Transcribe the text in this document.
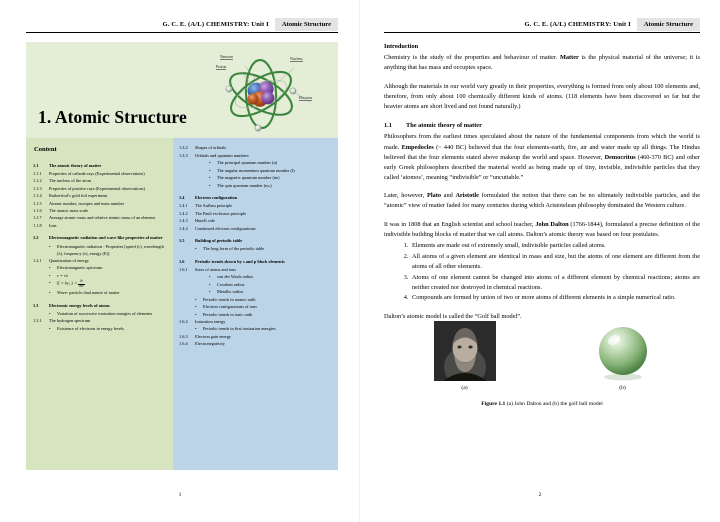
G. C. E. (A/L) CHEMISTRY: Unit I	Atomic Structure
1. Atomic Structure
Neutron
Proton
Nucleus
Electron
Content
1.1	The atomic theory of matter
1.1.1	Properties of cathode rays (Experimental observations)
1.1.2	The nucleus of the atom
1.1.3	Properties of positive rays (Experimental observations)
1.1.4	Rutherford’s gold foil experiment
1.1.5	Atomic number, isotopes and mass number
1.1.6	The atomic mass scale
1.1.7	Average atomic mass and relative atomic mass of an element
1.1.8	Ions
1.2	Electromagnetic radiation and wave-like properties of matter
•	Electromagnetic radiation - Properties [speed (c), wavelength (λ), frequency (ν), energy (E)]
1.2.1	Quantization of energy
•	Electromagnetic spectrum
•	c = νλ
•	E = hν; λ = h
mv
•	Wave- particle dual nature of matter
1.3	Electronic energy levels of atoms
•	Variation of successive ionization energies of elements
1.3.1	The hydrogen spectrum
•	Existence of electrons in energy levels
1.3.2	Shapes of orbitals
1.3.3	Orbitals and quantum numbers
•	The principal quantum number (n)
•	The angular momentum quantum number (l)
•	The magnetic quantum number (mₗ)
•	The spin quantum number (mₛ)
1.4	Electron configuration
1.4.1	The Aufbau principle
1.4.2	The Pauli exclusion principle
1.4.3	Hund's rule
1.4.4	Condensed electron configurations
1.5	Building of periodic table
•	The long form of the periodic table
1.6	Periodic trends shown by s and p block elements
1.6.1	Sizes of atoms and ions
•	van der Waals radius
•	Covalent radius
•	Metallic radius
•	Periodic trends in atomic radii
•	Electron configurations of ions
•	Periodic trends in ionic radii
1.6.2	Ionization energy
•	Periodic trends in first ionization energies
1.6.3	Electron gain energy
1.6.4	Electronegativity
1
G. C. E. (A/L) CHEMISTRY: Unit I	Atomic Structure
Introduction

Chemistry is the study of the properties and behaviour of matter. Matter is the physical material of the universe; it is anything that has mass and occupies space.

Although the materials in our world vary greatly in their properties, everything is formed from only about 100 elements and, therefore, from only about 100 chemically different kinds of atoms. (118 elements have been discovered so far but the heavier atoms are short lived and not found naturally.)

1.1 The atomic theory of matter

Philosophers from the earliest times speculated about the nature of the fundamental components from which the world is made. Empedocles (~ 440 BC) believed that the four elements-earth, fire, air and water made up all things. The Hindus believed that the four elements stated above makeup the world and space. However, Democritus (460-370 BC) and other early Greek philosophers described the material world as being made up of tiny, invisible, indivisible particles that they called ‘atomos’, meaning “indivisible” or “uncuttable.”

Later, however, Plato and Aristotle formulated the notion that there can be no ultimately indivisible particles, and the “atomic” view of matter faded for many centuries during which Aristotelean philosophy dominated the Western culture.

It was in 1808 that an English scientist and school teacher, John Dalton (1766-1844), formulated a precise definition of the indivisible building blocks of matter that we call atoms. Dalton’s atomic theory was based on four postulates.

1. Elements are made out of extremely small, indivisible particles called atoms.
2. All atoms of a given element are identical in mass and size, but the atoms of one element are different from the atoms of all other elements.
3. Atoms of one element cannot be changed into atoms of a different element by chemical reactions; atoms are neither created nor destroyed in chemical reactions.
4. Compounds are formed by union of two or more atoms of different elements in a simple numerical ratio.

Dalton’s atomic model is called the “Golf ball model”.

(a)	(b)
Figure 1.1 (a) John Dalton and (b) the golf ball model
2
